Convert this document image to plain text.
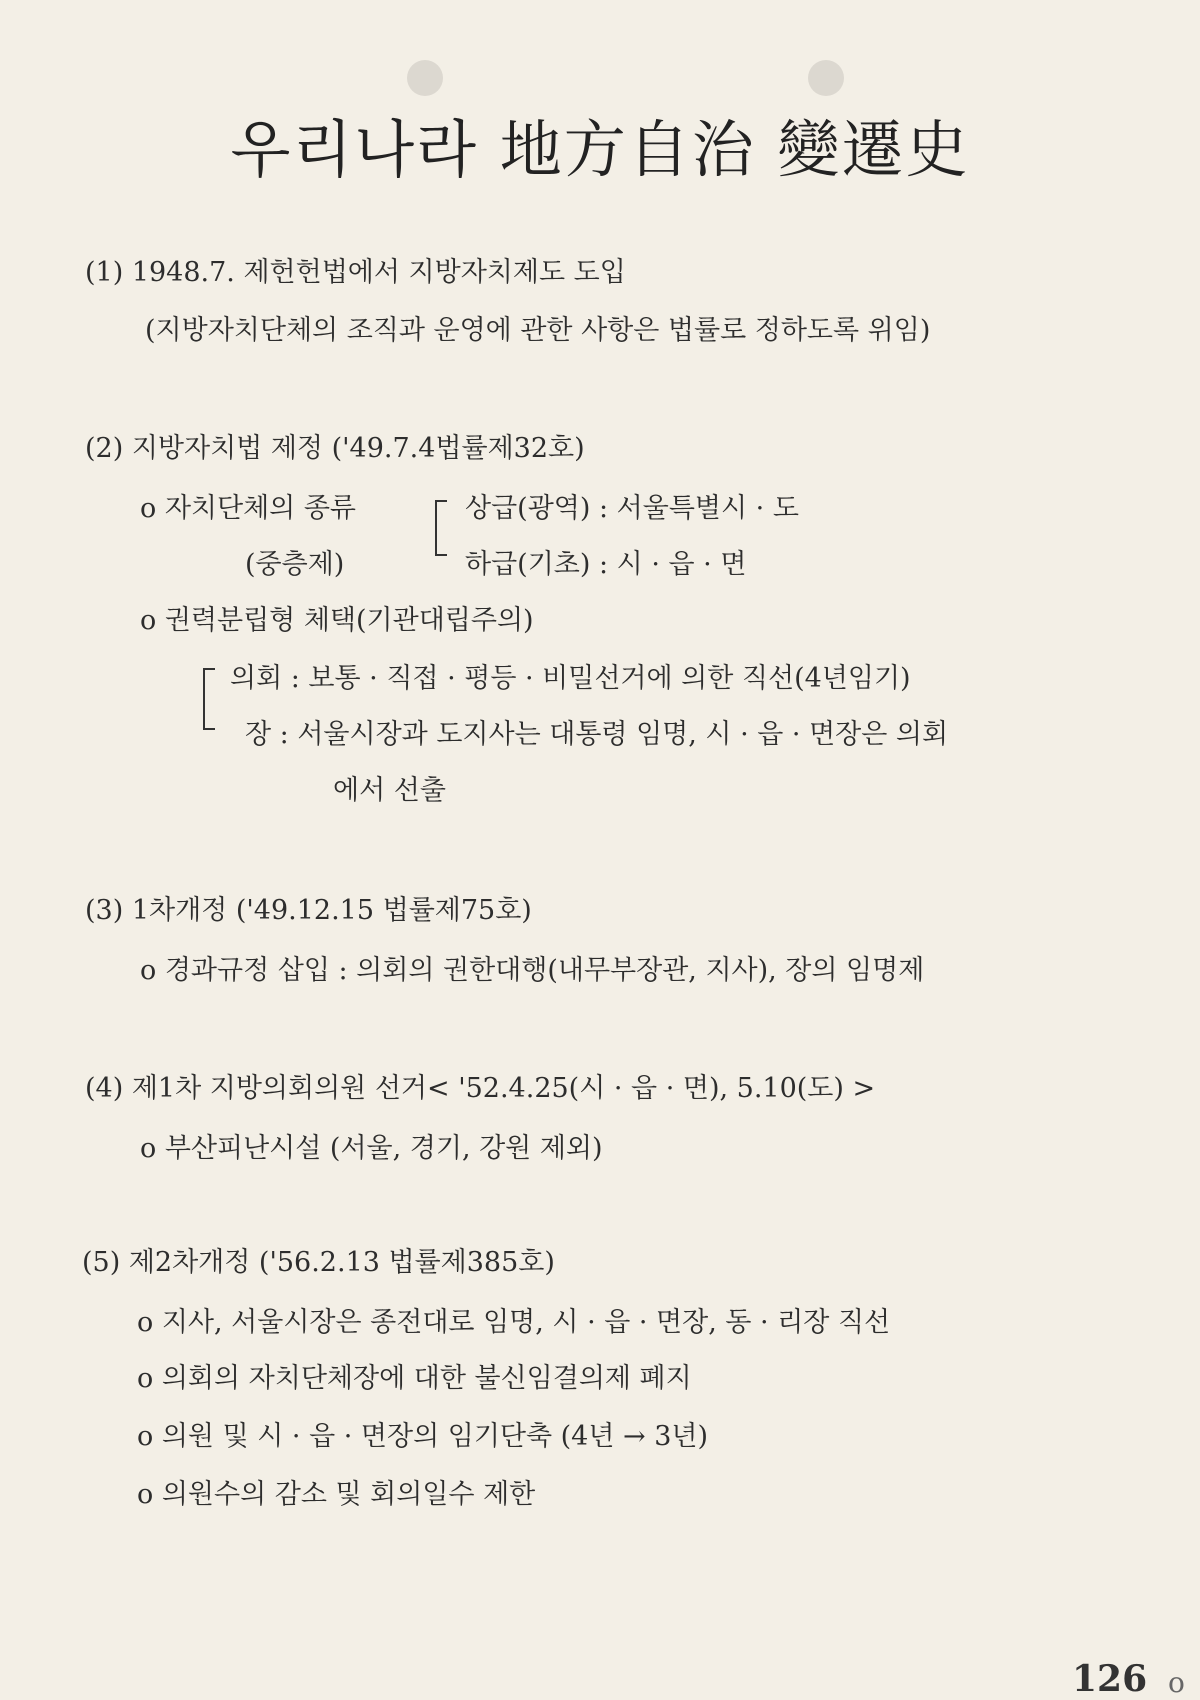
우리나라 地方自治 變遷史
(1) 1948.7. 제헌헌법에서 지방자치제도 도입
(지방자치단체의 조직과 운영에 관한 사항은 법률로 정하도록 위임)
(2) 지방자치법 제정 ('49.7.4법률제32호)
o 자치단체의 종류
(중층제)
상급(광역) : 서울특별시 · 도
하급(기초) : 시 · 읍 · 면
o 권력분립형 체택(기관대립주의)
의회 : 보통 · 직접 · 평등 · 비밀선거에 의한 직선(4년임기)
장 : 서울시장과 도지사는 대통령 임명, 시 · 읍 · 면장은 의회
에서 선출
(3) 1차개정 ('49.12.15 법률제75호)
o 경과규정 삽입 : 의회의 권한대행(내무부장관, 지사), 장의 임명제
(4) 제1차 지방의회의원 선거< '52.4.25(시 · 읍 · 면), 5.10(도) >
o 부산피난시설 (서울, 경기, 강원 제외)
(5) 제2차개정 ('56.2.13 법률제385호)
o 지사, 서울시장은 종전대로 임명, 시 · 읍 · 면장, 동 · 리장 직선
o 의회의 자치단체장에 대한 불신임결의제 폐지
o 의원 및 시 · 읍 · 면장의 임기단축 (4년 → 3년)
o 의원수의 감소 및 회의일수 제한
126 o
